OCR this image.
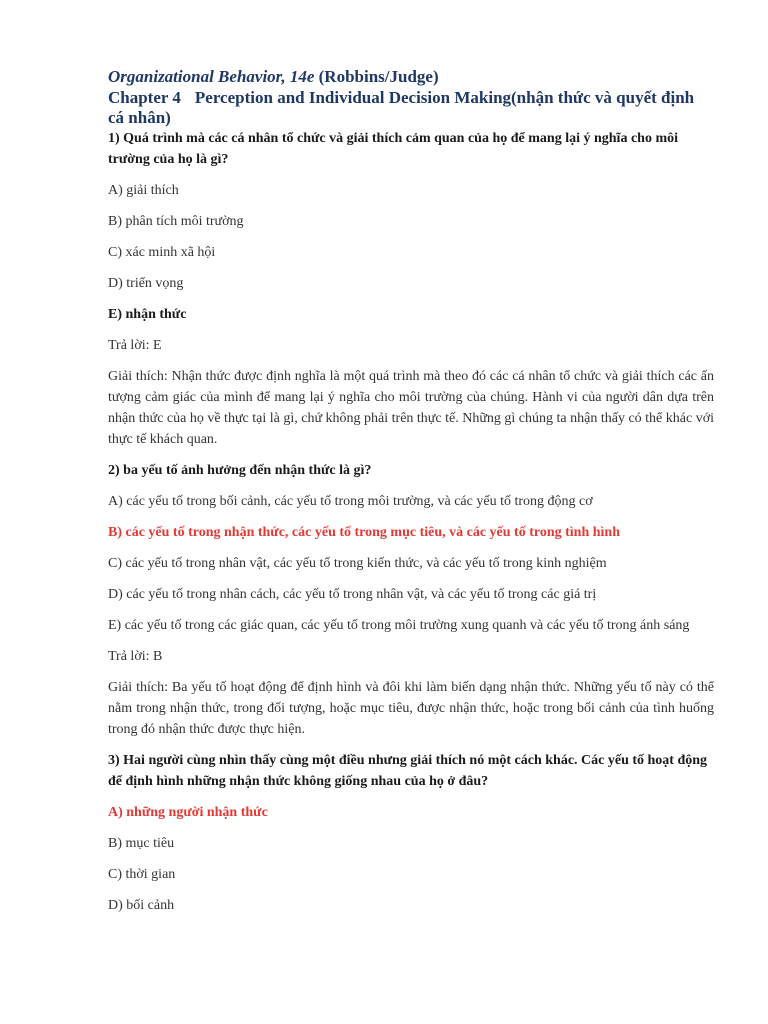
Organizational Behavior, 14e (Robbins/Judge)

Chapter 4 Perception and Individual Decision Making(nhận thức và quyết định cá nhân)

1) Quá trình mà các cá nhân tổ chức và giải thích cảm quan của họ để mang lại ý nghĩa cho môi trường của họ là gì?

A) giải thích

B) phân tích môi trường

C) xác minh xã hội

D) triển vọng

E) nhận thức

Trả lời: E

Giải thích: Nhận thức được định nghĩa là một quá trình mà theo đó các cá nhân tổ chức và giải thích các ấn tượng cảm giác của mình để mang lại ý nghĩa cho môi trường của chúng. Hành vi của người dân dựa trên nhận thức của họ về thực tại là gì, chứ không phải trên thực tế. Những gì chúng ta nhận thấy có thể khác với thực tế khách quan.

2) ba yếu tố ảnh hưởng đến nhận thức là gì?

A) các yếu tố trong bối cảnh, các yếu tố trong môi trường, và các yếu tố trong động cơ

B) các yếu tố trong nhận thức, các yếu tố trong mục tiêu, và các yếu tố trong tình hình

C) các yếu tố trong nhân vật, các yếu tố trong kiến thức, và các yếu tố trong kinh nghiệm

D) các yếu tố trong nhân cách, các yếu tố trong nhân vật, và các yếu tố trong các giá trị

E) các yếu tố trong các giác quan, các yếu tố trong môi trường xung quanh và các yếu tố trong ánh sáng

Trả lời: B

Giải thích: Ba yếu tố hoạt động để định hình và đôi khi làm biến dạng nhận thức. Những yếu tố này có thể nằm trong nhận thức, trong đối tượng, hoặc mục tiêu, được nhận thức, hoặc trong bối cảnh của tình huống trong đó nhận thức được thực hiện.

3) Hai người cùng nhìn thấy cùng một điều nhưng giải thích nó một cách khác. Các yếu tố hoạt động để định hình những nhận thức không giống nhau của họ ở đâu?

A) những người nhận thức

B) mục tiêu

C) thời gian

D) bối cảnh
